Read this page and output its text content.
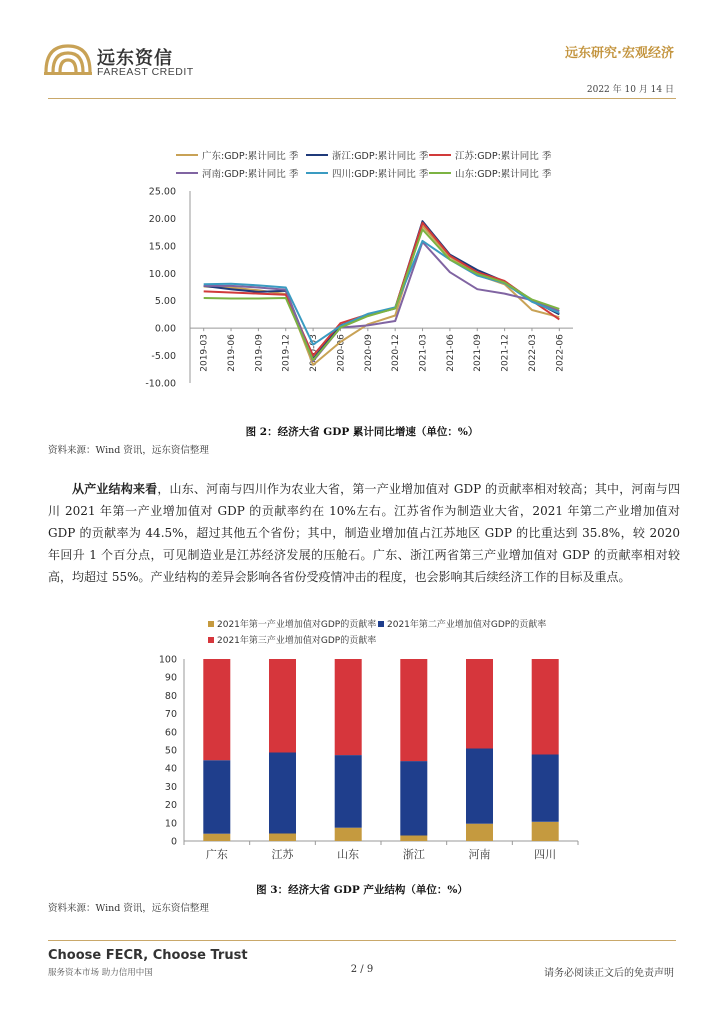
远东资信
FAREAST CREDIT
远东研究·宏观经济
2022 年 10 月 14 日
广东:GDP:累计同比 季	浙江:GDP:累计同比 季	江苏:GDP:累计同比 季
河南:GDP:累计同比 季	四川:GDP:累计同比 季	山东:GDP:累计同比 季
25.00
20.00
15.00
10.00
5.00
0.00
-5.00
-10.00
2019-03 2019-06 2019-09 2019-12 2020-03 2020-06 2020-09 2020-12 2021-03 2021-06 2021-09 2021-12 2022-03 2022-06
图 2：经济大省 GDP 累计同比增速（单位：%）
资料来源：Wind 资讯，远东资信整理
从产业结构来看，山东、河南与四川作为农业大省，第一产业增加值对 GDP 的贡献率相对较高；其中，河南与四川 2021 年第一产业增加值对 GDP 的贡献率约在 10%左右。江苏省作为制造业大省，2021 年第二产业增加值对 GDP 的贡献率为 44.5%，超过其他五个省份；其中，制造业增加值占江苏地区 GDP 的比重达到 35.8%，较 2020 年回升 1 个百分点，可见制造业是江苏经济发展的压舱石。广东、浙江两省第三产业增加值对 GDP 的贡献率相对较高，均超过 55%。产业结构的差异会影响各省份受疫情冲击的程度，也会影响其后续经济工作的目标及重点。
2021年第一产业增加值对GDP的贡献率 2021年第二产业增加值对GDP的贡献率
2021年第三产业增加值对GDP的贡献率
100
90
80
70
60
50
40
30
20
10
0
广东	江苏	山东	浙江	河南	四川
图 3：经济大省 GDP 产业结构（单位：%）
资料来源：Wind 资讯，远东资信整理
Choose FECR, Choose Trust
服务资本市场 助力信用中国	2 / 9	请务必阅读正文后的免责声明
